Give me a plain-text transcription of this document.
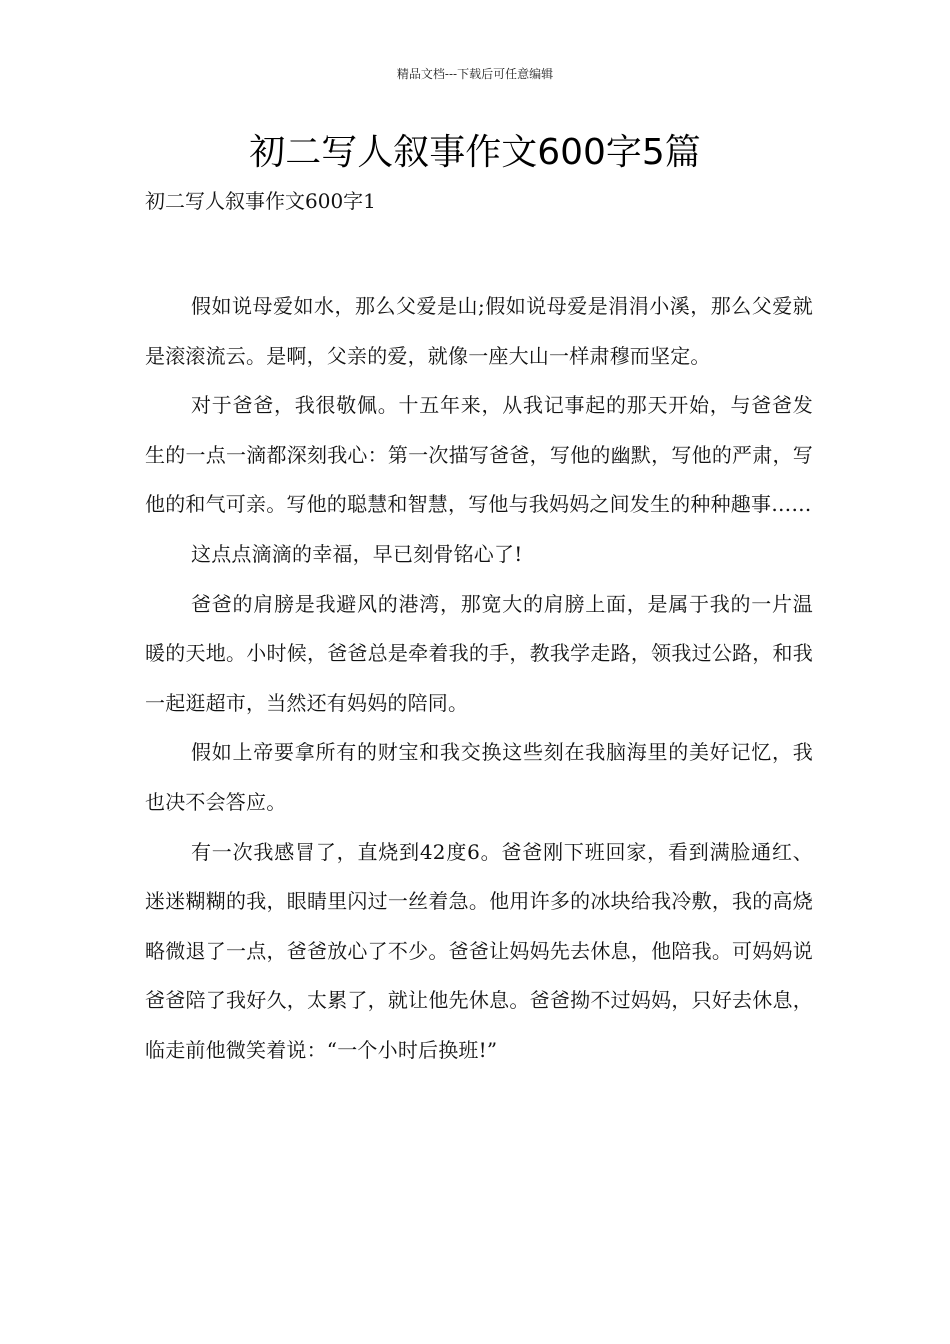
精品文档---下载后可任意编辑
初二写人叙事作文600字5篇
初二写人叙事作文600字1

假如说母爱如水，那么父爱是山;假如说母爱是涓涓小溪，那么父爱就是滚滚流云。是啊，父亲的爱，就像一座大山一样肃穆而坚定。

对于爸爸，我很敬佩。十五年来，从我记事起的那天开始，与爸爸发生的一点一滴都深刻我心：第一次描写爸爸，写他的幽默，写他的严肃，写他的和气可亲。写他的聪慧和智慧，写他与我妈妈之间发生的种种趣事……

这点点滴滴的幸福，早已刻骨铭心了!

爸爸的肩膀是我避风的港湾，那宽大的肩膀上面，是属于我的一片温暖的天地。小时候，爸爸总是牵着我的手，教我学走路，领我过公路，和我一起逛超市，当然还有妈妈的陪同。

假如上帝要拿所有的财宝和我交换这些刻在我脑海里的美好记忆，我也决不会答应。

有一次我感冒了，直烧到42度6。爸爸刚下班回家，看到满脸通红、迷迷糊糊的我，眼睛里闪过一丝着急。他用许多的冰块给我冷敷，我的高烧略微退了一点，爸爸放心了不少。爸爸让妈妈先去休息，他陪我。可妈妈说爸爸陪了我好久，太累了，就让他先休息。爸爸拗不过妈妈，只好去休息，临走前他微笑着说：“一个小时后换班!”
